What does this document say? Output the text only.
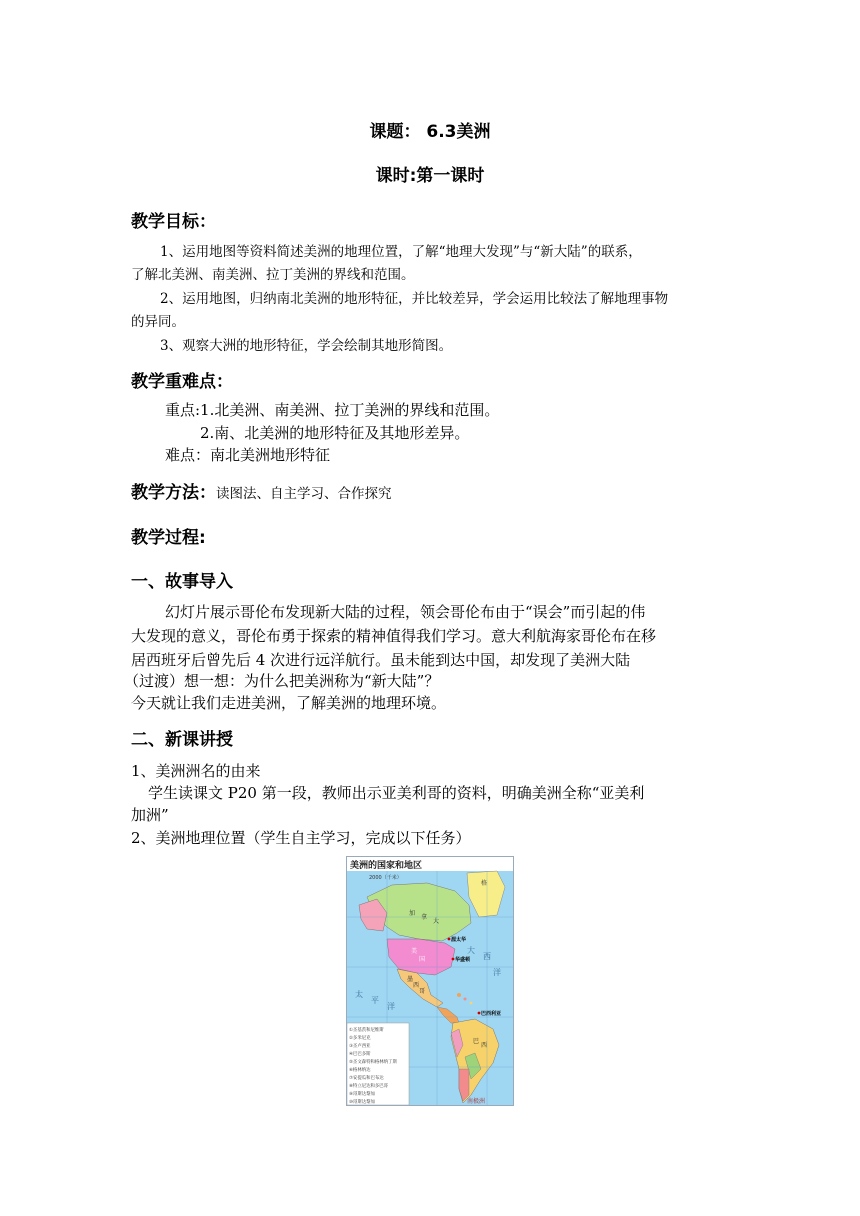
课题： 6.3美洲
课时:第一课时
教学目标：
1、运用地图等资料简述美洲的地理位置，了解“地理大发现”与“新大陆”的联系，
了解北美洲、南美洲、拉丁美洲的界线和范围。
2、运用地图，归纳南北美洲的地形特征，并比较差异，学会运用比较法了解地理事物
的异同。
3、观察大洲的地形特征，学会绘制其地形简图。
教学重难点：
重点:1.北美洲、南美洲、拉丁美洲的界线和范围。
2.南、北美洲的地形特征及其地形差异。
难点：南北美洲地形特征
教学方法：读图法、自主学习、合作探究
教学过程:
一、故事导入
幻灯片展示哥伦布发现新大陆的过程，领会哥伦布由于“误会”而引起的伟
大发现的意义，哥伦布勇于探索的精神值得我们学习。意大利航海家哥伦布在移
居西班牙后曾先后 4 次进行远洋航行。虽未能到达中国，却发现了美洲大陆
（过渡）想一想：为什么把美洲称为“新大陆”？
今天就让我们走进美洲，了解美洲的地理环境。
二、新课讲授
1、美洲洲名的由来
学生读课文 P20 第一段，教师出示亚美利哥的资料，明确美洲全称“亚美利
加洲”
2、美洲地理位置（学生自主学习，完成以下任务）
美洲的国家和地区
2000（千米）
加
拿
大
美
国
墨
西
哥
太
平
洋
大
西
洋
巴
西
格
渥太华
华盛顿
巴西利亚
南极洲
①圣基茨和尼维斯
②多米尼克
③圣卢西亚
④巴巴多斯
⑤圣文森特和格林纳丁斯
⑥格林纳达
⑦安提瓜和巴布达
⑧特立尼达和多巴哥
⑨哥斯达黎加
⑩哥斯达黎加
